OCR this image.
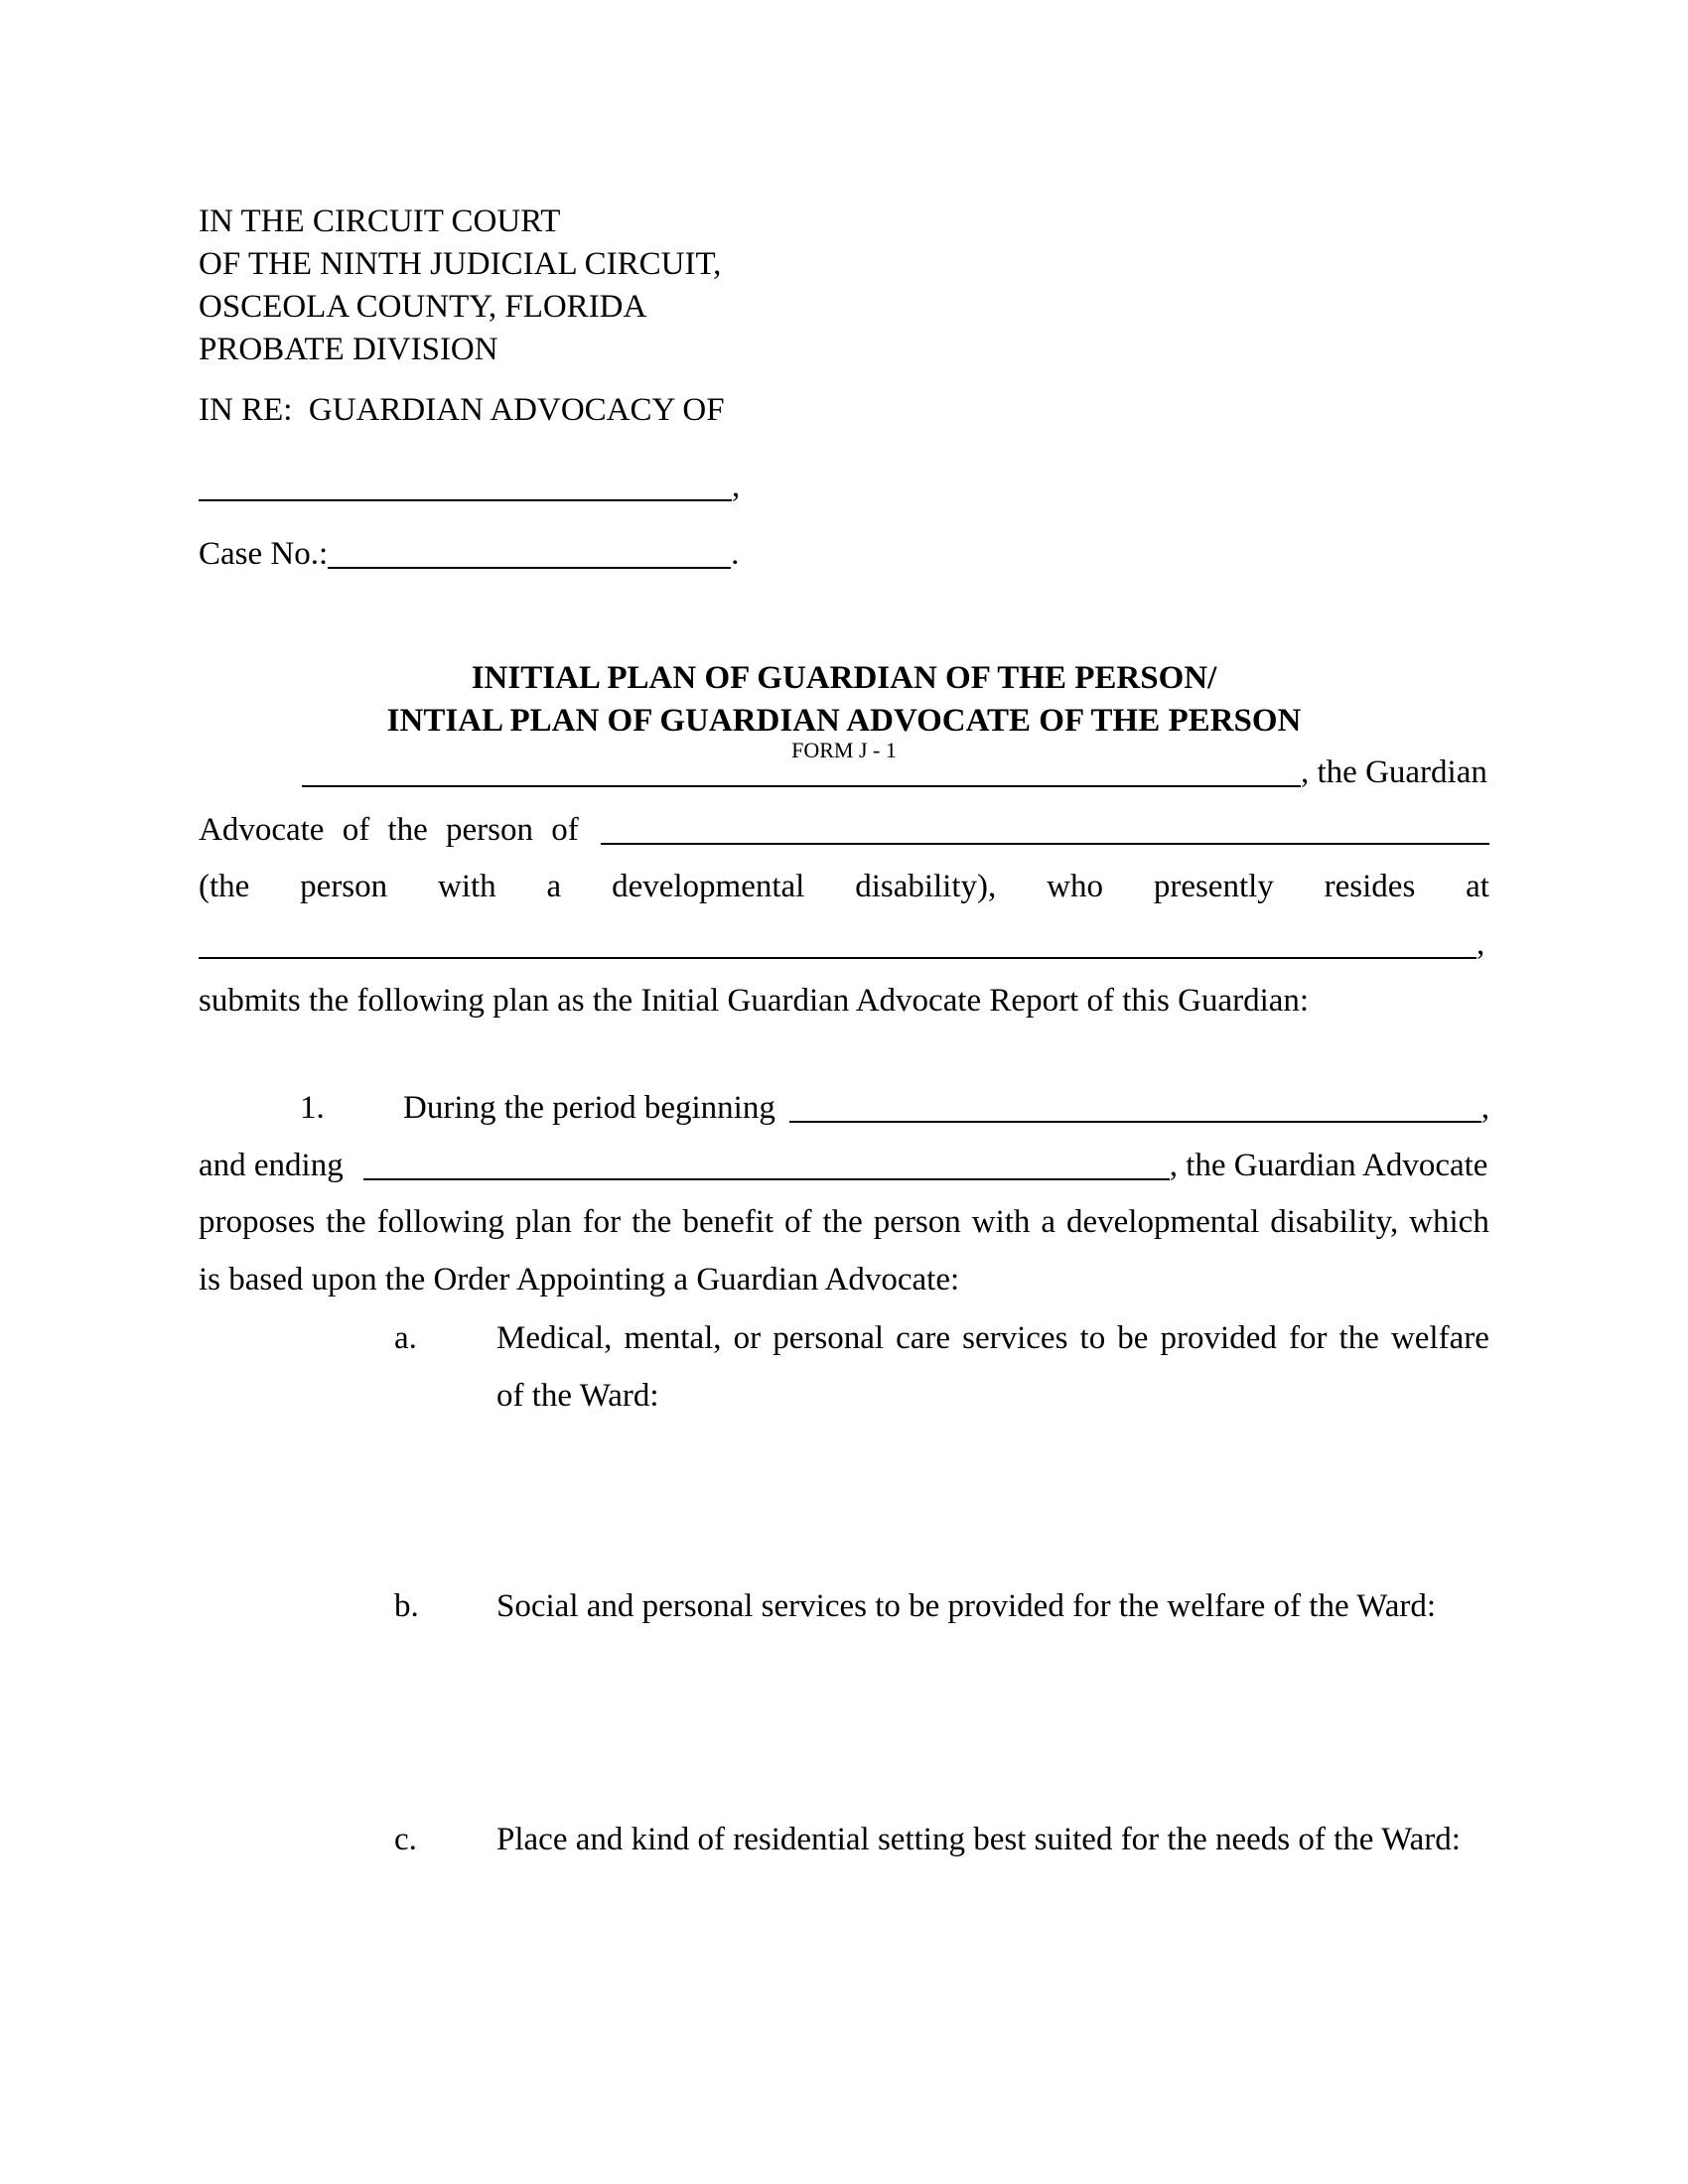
IN THE CIRCUIT COURT
OF THE NINTH JUDICIAL CIRCUIT,
OSCEOLA COUNTY, FLORIDA
PROBATE DIVISION
IN RE:  GUARDIAN ADVOCACY OF
,
Case No.:	.
INITIAL PLAN OF GUARDIAN OF THE PERSON/
INTIAL PLAN OF GUARDIAN ADVOCATE OF THE PERSON
FORM J - 1
, the Guardian
Advocate of the person of
(the person with a developmental disability), who presently resides at
,
submits the following plan as the Initial Guardian Advocate Report of this Guardian:
1.	During the period beginning	,
and ending	, the Guardian Advocate
proposes the following plan for the benefit of the person with a developmental disability, which
is based upon the Order Appointing a Guardian Advocate:
a.	Medical, mental, or personal care services to be provided for the welfare
of the Ward:
b.	Social and personal services to be provided for the welfare of the Ward:
c.	Place and kind of residential setting best suited for the needs of the Ward:
